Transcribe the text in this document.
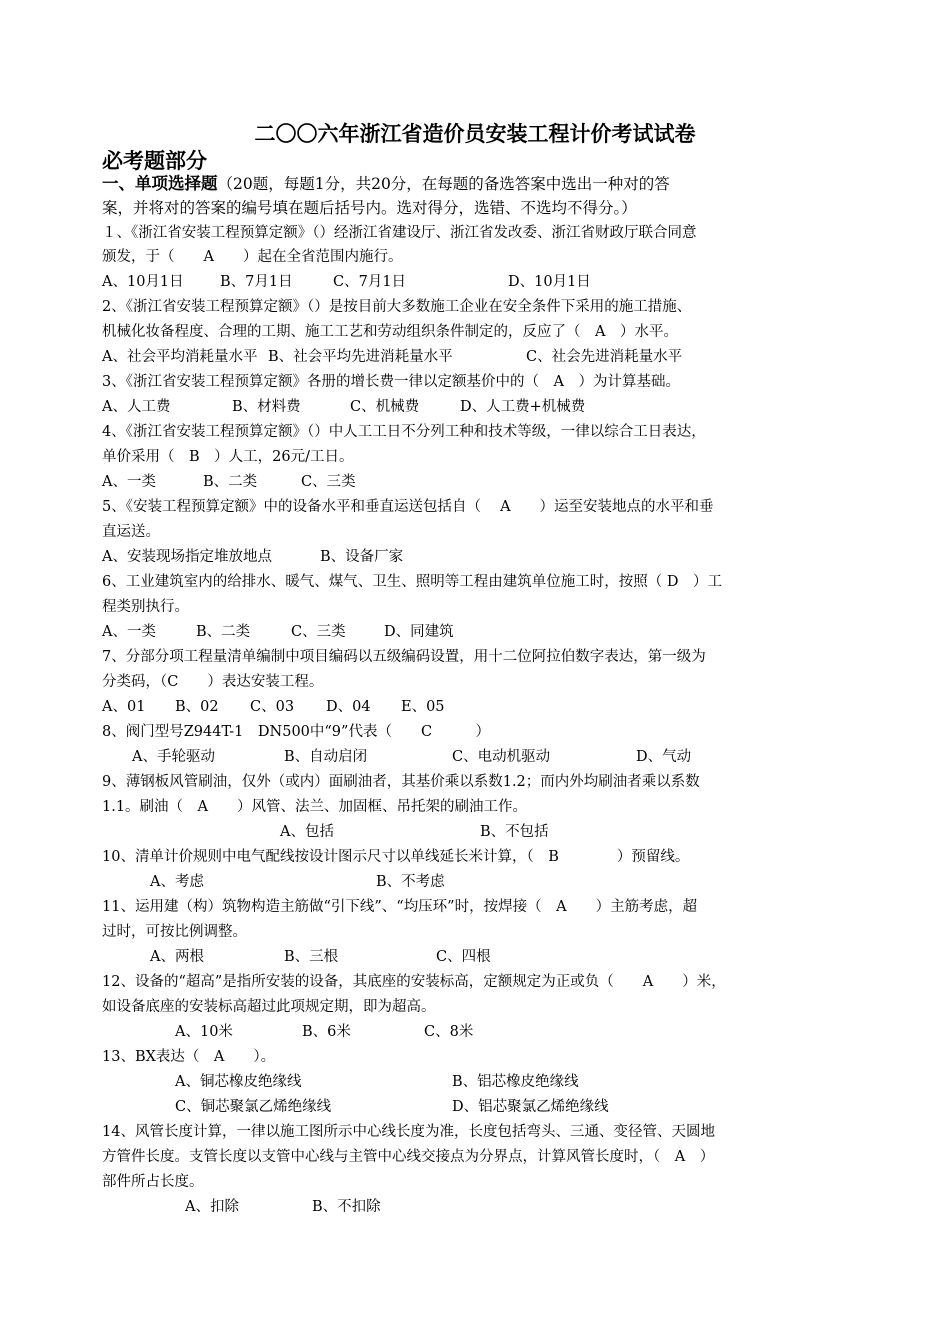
二〇〇六年浙江省造价员安装工程计价考试试卷
必考题部分
一、单项选择题（20题，每题1分，共20分，在每题的备选答案中选出一种对的答
案，并将对的答案的编号填在题后括号内。选对得分，选错、不选均不得分。）
１、《浙江省安装工程预算定额》（）经浙江省建设厅、浙江省发改委、浙江省财政厅联合同意
颁发，于（　　A　　）起在全省范围内施行。
A、10月1日	B、7月1日	C、7月1日	D、10月1日
2、《浙江省安装工程预算定额》（）是按目前大多数施工企业在安全条件下采用的施工措施、
机械化妆备程度、合理的工期、施工工艺和劳动组织条件制定的，反应了（　A　）水平。
A、社会平均消耗量水平 B、社会平均先进消耗量水平	C、社会先进消耗量水平
3、《浙江省安装工程预算定额》各册的增长费一律以定额基价中的（　A　）为计算基础。
A、人工费	B、材料费	C、机械费	D、人工费+机械费
4、《浙江省安装工程预算定额》（）中人工工日不分列工种和技术等级，一律以综合工日表达，
单价采用（　B　）人工，26元/工日。
A、一类	B、二类	C、三类
5、《安装工程预算定额》中的设备水平和垂直运送包括自（　 A　　）运至安装地点的水平和垂
直运送。
A、安装现场指定堆放地点	B、设备厂家
6、工业建筑室内的给排水、暖气、煤气、卫生、照明等工程由建筑单位施工时，按照（ D　）工
程类别执行。
A、一类	B、二类	C、三类	D、同建筑
7、分部分项工程量清单编制中项目编码以五级编码设置，用十二位阿拉伯数字表达，第一级为
分类码，（C　　）表达安装工程。
A、01 B、02 C、03 D、04 E、05
8、阀门型号Z944T-1　DN500中“9”代表（　　C　　　）
A、手轮驱动	B、自动启闭	C、电动机驱动	D、气动
9、薄钢板风管刷油，仅外（或内）面刷油者，其基价乘以系数1.2；而内外均刷油者乘以系数
1.1。刷油（　A　　）风管、法兰、加固框、吊托架的刷油工作。
A、包括	B、不包括
10、清单计价规则中电气配线按设计图示尺寸以单线延长米计算，（　B　　　　）预留线。
A、考虑	B、不考虑
11、运用建（构）筑物构造主筋做“引下线”、“均压环”时，按焊接（　A　　）主筋考虑，超
过时，可按比例调整。
A、两根	B、三根	C、四根
12、设备的“超高”是指所安装的设备，其底座的安装标高，定额规定为正或负（　　A　　）米，
如设备底座的安装标高超过此项规定期，即为超高。
A、10米	B、6米	C、8米
13、BX表达（　A　　）。
A、铜芯橡皮绝缘线	B、铝芯橡皮绝缘线
C、铜芯聚氯乙烯绝缘线	D、铝芯聚氯乙烯绝缘线
14、风管长度计算，一律以施工图所示中心线长度为准，长度包括弯头、三通、变径管、天圆地
方管件长度。支管长度以支管中心线与主管中心线交接点为分界点，计算风管长度时，（　A　）
部件所占长度。
A、扣除	B、不扣除
